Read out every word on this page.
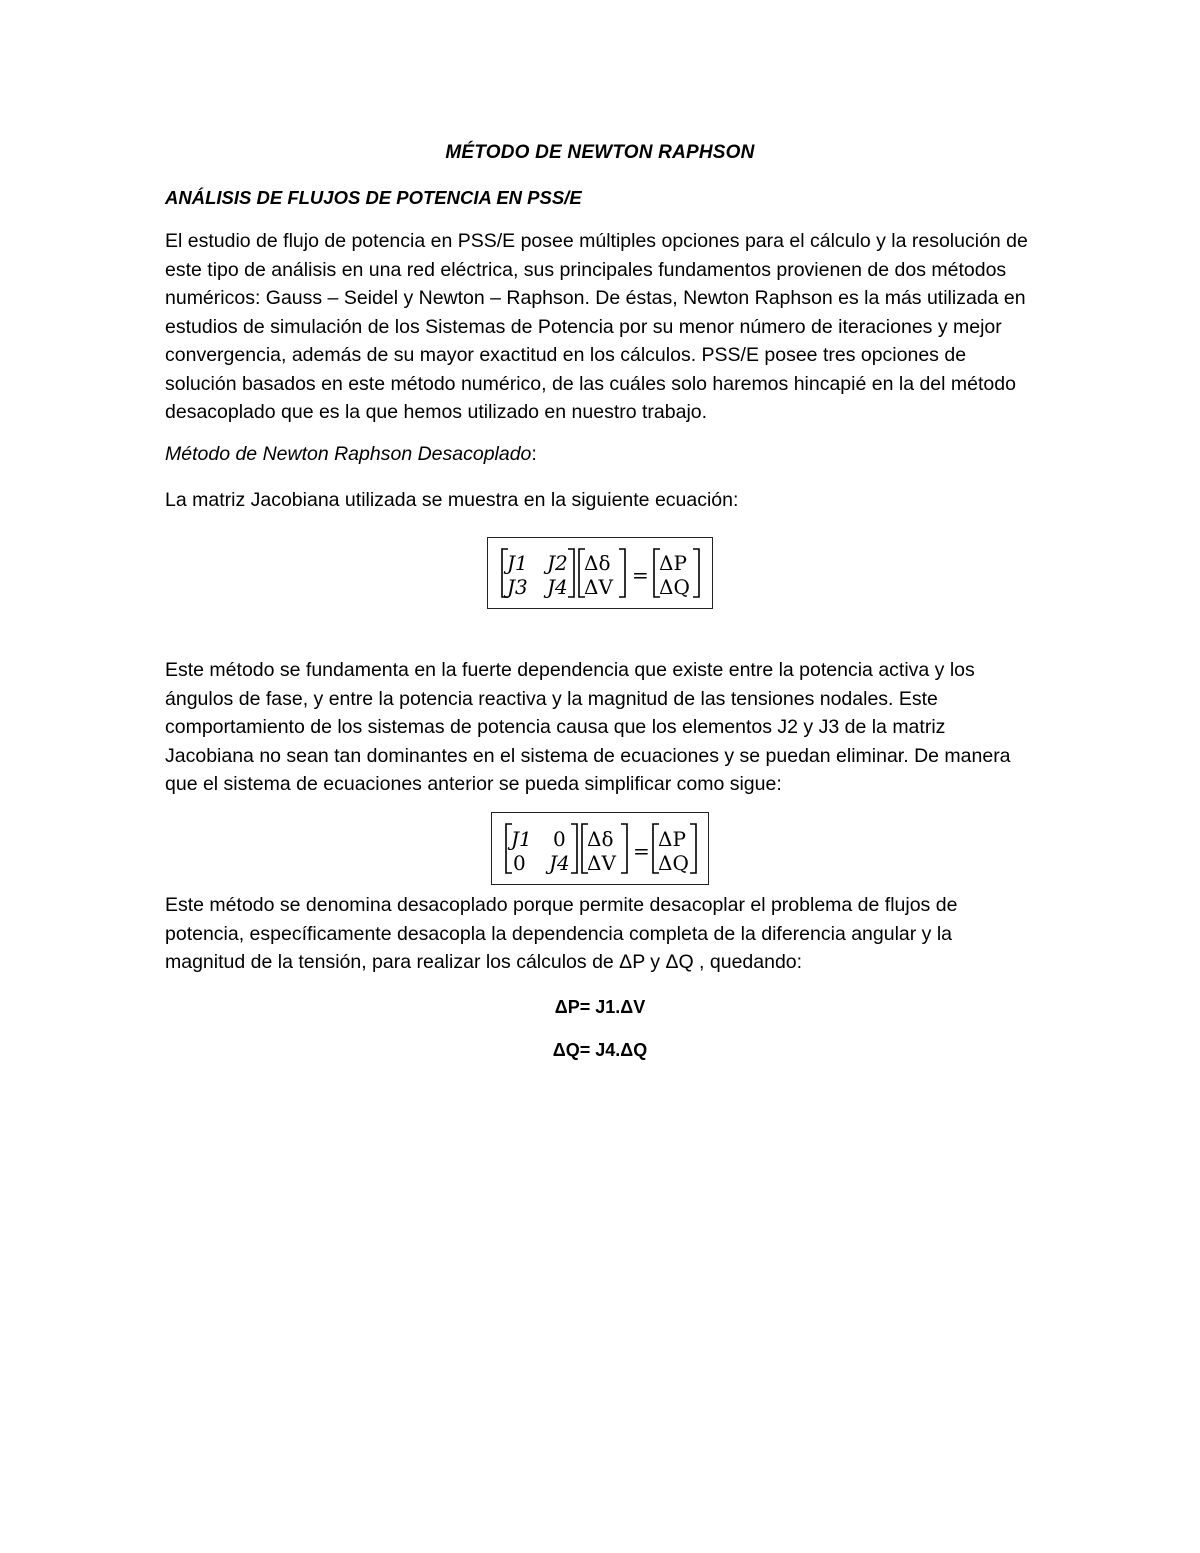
MÉTODO DE NEWTON RAPHSON
ANÁLISIS DE FLUJOS DE POTENCIA EN PSS/E
El estudio de flujo de potencia en PSS/E posee múltiples opciones para el cálculo y la resolución de
este tipo de análisis en una red eléctrica, sus principales fundamentos provienen de dos métodos
numéricos: Gauss – Seidel y Newton – Raphson. De éstas, Newton Raphson es la más utilizada en
estudios de simulación de los Sistemas de Potencia por su menor número de iteraciones y mejor
convergencia, además de su mayor exactitud en los cálculos. PSS/E posee tres opciones de
solución basados en este método numérico, de las cuáles solo haremos hincapié en la del método
desacoplado que es la que hemos utilizado en nuestro trabajo.
Método de Newton Raphson Desacoplado:
La matriz Jacobiana utilizada se muestra en la siguiente ecuación:
J1 J2
J3 J4
Δδ
ΔV = ΔP
ΔQ
Este método se fundamenta en la fuerte dependencia que existe entre la potencia activa y los
ángulos de fase, y entre la potencia reactiva y la magnitud de las tensiones nodales. Este
comportamiento de los sistemas de potencia causa que los elementos J2 y J3 de la matriz
Jacobiana no sean tan dominantes en el sistema de ecuaciones y se puedan eliminar. De manera
que el sistema de ecuaciones anterior se pueda simplificar como sigue:
J1 0
0 J4
Δδ
ΔV = ΔP
ΔQ
Este método se denomina desacoplado porque permite desacoplar el problema de flujos de
potencia, específicamente desacopla la dependencia completa de la diferencia angular y la
magnitud de la tensión, para realizar los cálculos de ΔP y ΔQ , quedando:
ΔP= J1.ΔV
ΔQ= J4.ΔQ
